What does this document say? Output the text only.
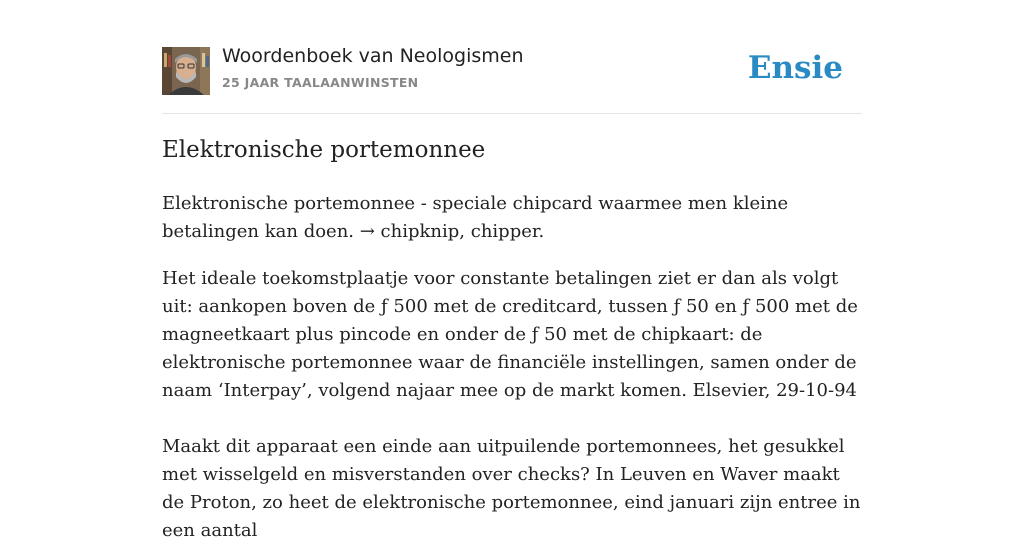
Woordenboek van Neologismen
25 JAAR TAALAANWINSTEN	Ensie
Elektronische portemonnee

Elektronische portemonnee - speciale chipcard waarmee men kleine betalingen kan doen. → chipknip, chipper.

Het ideale toekomstplaatje voor constante betalingen ziet er dan als volgt uit: aankopen boven de ƒ 500 met de creditcard, tussen ƒ 50 en ƒ 500 met de magneetkaart plus pincode en onder de ƒ 50 met de chipkaart: de elektronische portemonnee waar de financiële instellingen, samen onder de naam ‘Interpay’, volgend najaar mee op de markt komen. Elsevier, 29-10-94

Maakt dit apparaat een einde aan uitpuilende portemonnees, het gesukkel met wisselgeld en misverstanden over checks? In Leuven en Waver maakt de Proton, zo heet de elektronische portemonnee, eind januari zijn entree in een aantal
